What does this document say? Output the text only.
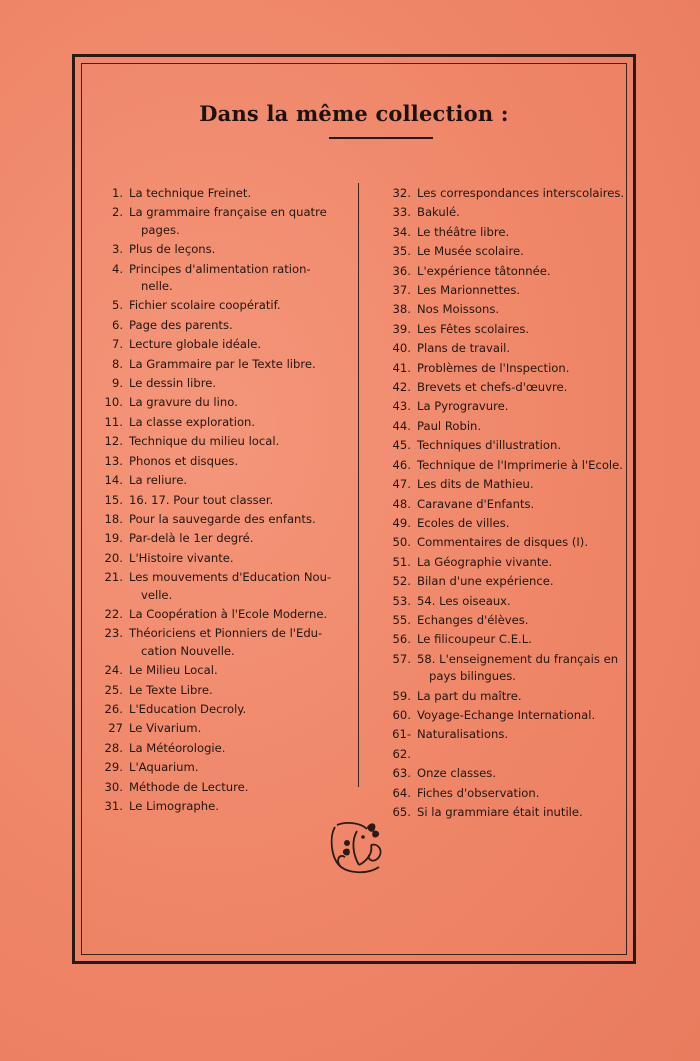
Dans la même collection :
1. La technique Freinet.
2. La grammaire française en quatre
pages.
3. Plus de leçons.
4. Principes d'alimentation ration-
nelle.
5. Fichier scolaire coopératif.
6. Page des parents.
7. Lecture globale idéale.
8. La Grammaire par le Texte libre.
9. Le dessin libre.
10. La gravure du lino.
11. La classe exploration.
12. Technique du milieu local.
13. Phonos et disques.
14. La reliure.
15. 16. 17. Pour tout classer.
18. Pour la sauvegarde des enfants.
19. Par-delà le 1er degré.
20. L'Histoire vivante.
21. Les mouvements d'Education Nou-
velle.
22. La Coopération à l'Ecole Moderne.
23. Théoriciens et Pionniers de l'Edu-
cation Nouvelle.
24. Le Milieu Local.
25. Le Texte Libre.
26. L'Education Decroly.
27 Le Vivarium.
28. La Météorologie.
29. L'Aquarium.
30. Méthode de Lecture.
31. Le Limographe.
32. Les correspondances interscolaires.
33. Bakulé.
34. Le théâtre libre.
35. Le Musée scolaire.
36. L'expérience tâtonnée.
37. Les Marionnettes.
38. Nos Moissons.
39. Les Fêtes scolaires.
40. Plans de travail.
41. Problèmes de l'Inspection.
42. Brevets et chefs-d'œuvre.
43. La Pyrogravure.
44. Paul Robin.
45. Techniques d'illustration.
46. Technique de l'Imprimerie à l'Ecole.
47. Les dits de Mathieu.
48. Caravane d'Enfants.
49. Ecoles de villes.
50. Commentaires de disques (I).
51. La Géographie vivante.
52. Bilan d'une expérience.
53. 54. Les oiseaux.
55. Echanges d'élèves.
56. Le filicoupeur C.E.L.
57. 58. L'enseignement du français en
pays bilingues.
59. La part du maître.
60. Voyage-Echange International.
61-62.
Naturalisations.
63. Onze classes.
64. Fiches d'observation.
65. Si la grammiare était inutile.
